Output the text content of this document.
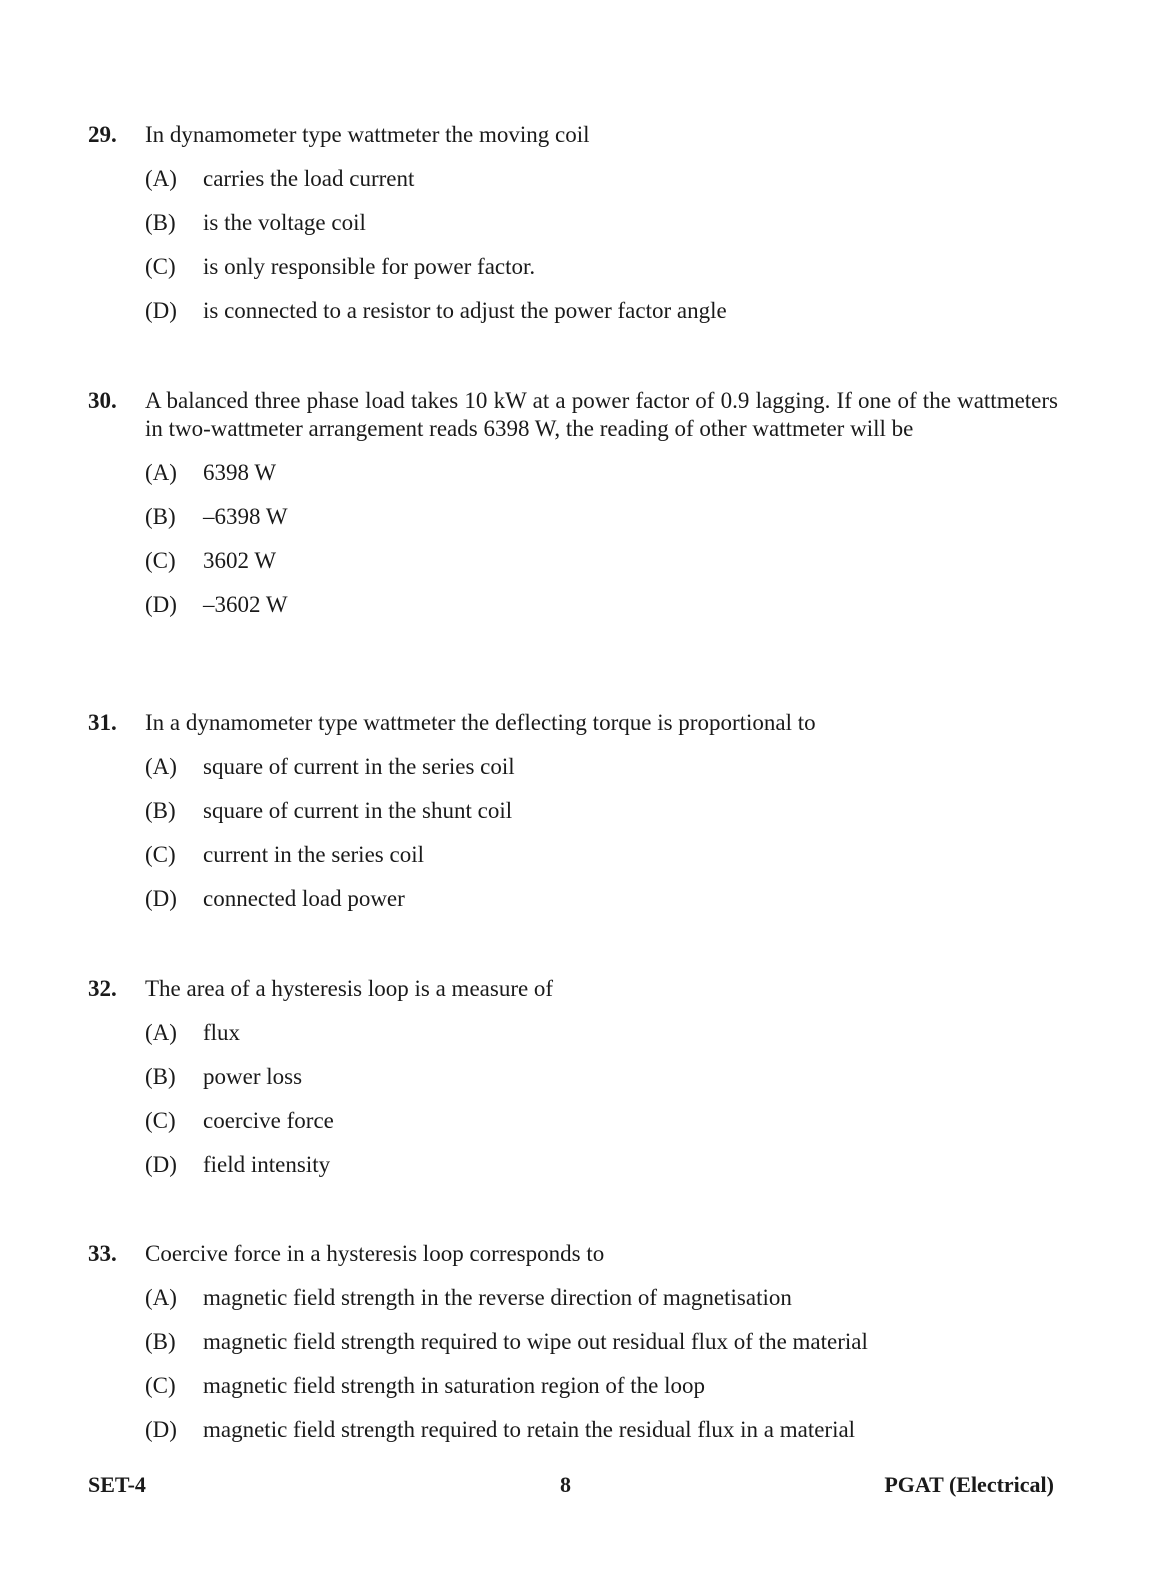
29. In dynamometer type wattmeter the moving coil
(A) carries the load current
(B) is the voltage coil
(C) is only responsible for power factor.
(D) is connected to a resistor to adjust the power factor angle
30. A balanced three phase load takes 10 kW at a power factor of 0.9 lagging. If one of the wattmeters in two-wattmeter arrangement reads 6398 W, the reading of other wattmeter will be
(A) 6398 W
(B) –6398 W
(C) 3602 W
(D) –3602 W
31. In a dynamometer type wattmeter the deflecting torque is proportional to
(A) square of current in the series coil
(B) square of current in the shunt coil
(C) current in the series coil
(D) connected load power
32. The area of a hysteresis loop is a measure of
(A) flux
(B) power loss
(C) coercive force
(D) field intensity
33. Coercive force in a hysteresis loop corresponds to
(A) magnetic field strength in the reverse direction of magnetisation
(B) magnetic field strength required to wipe out residual flux of the material
(C) magnetic field strength in saturation region of the loop
(D) magnetic field strength required to retain the residual flux in a material
SET-4	8	PGAT (Electrical)
